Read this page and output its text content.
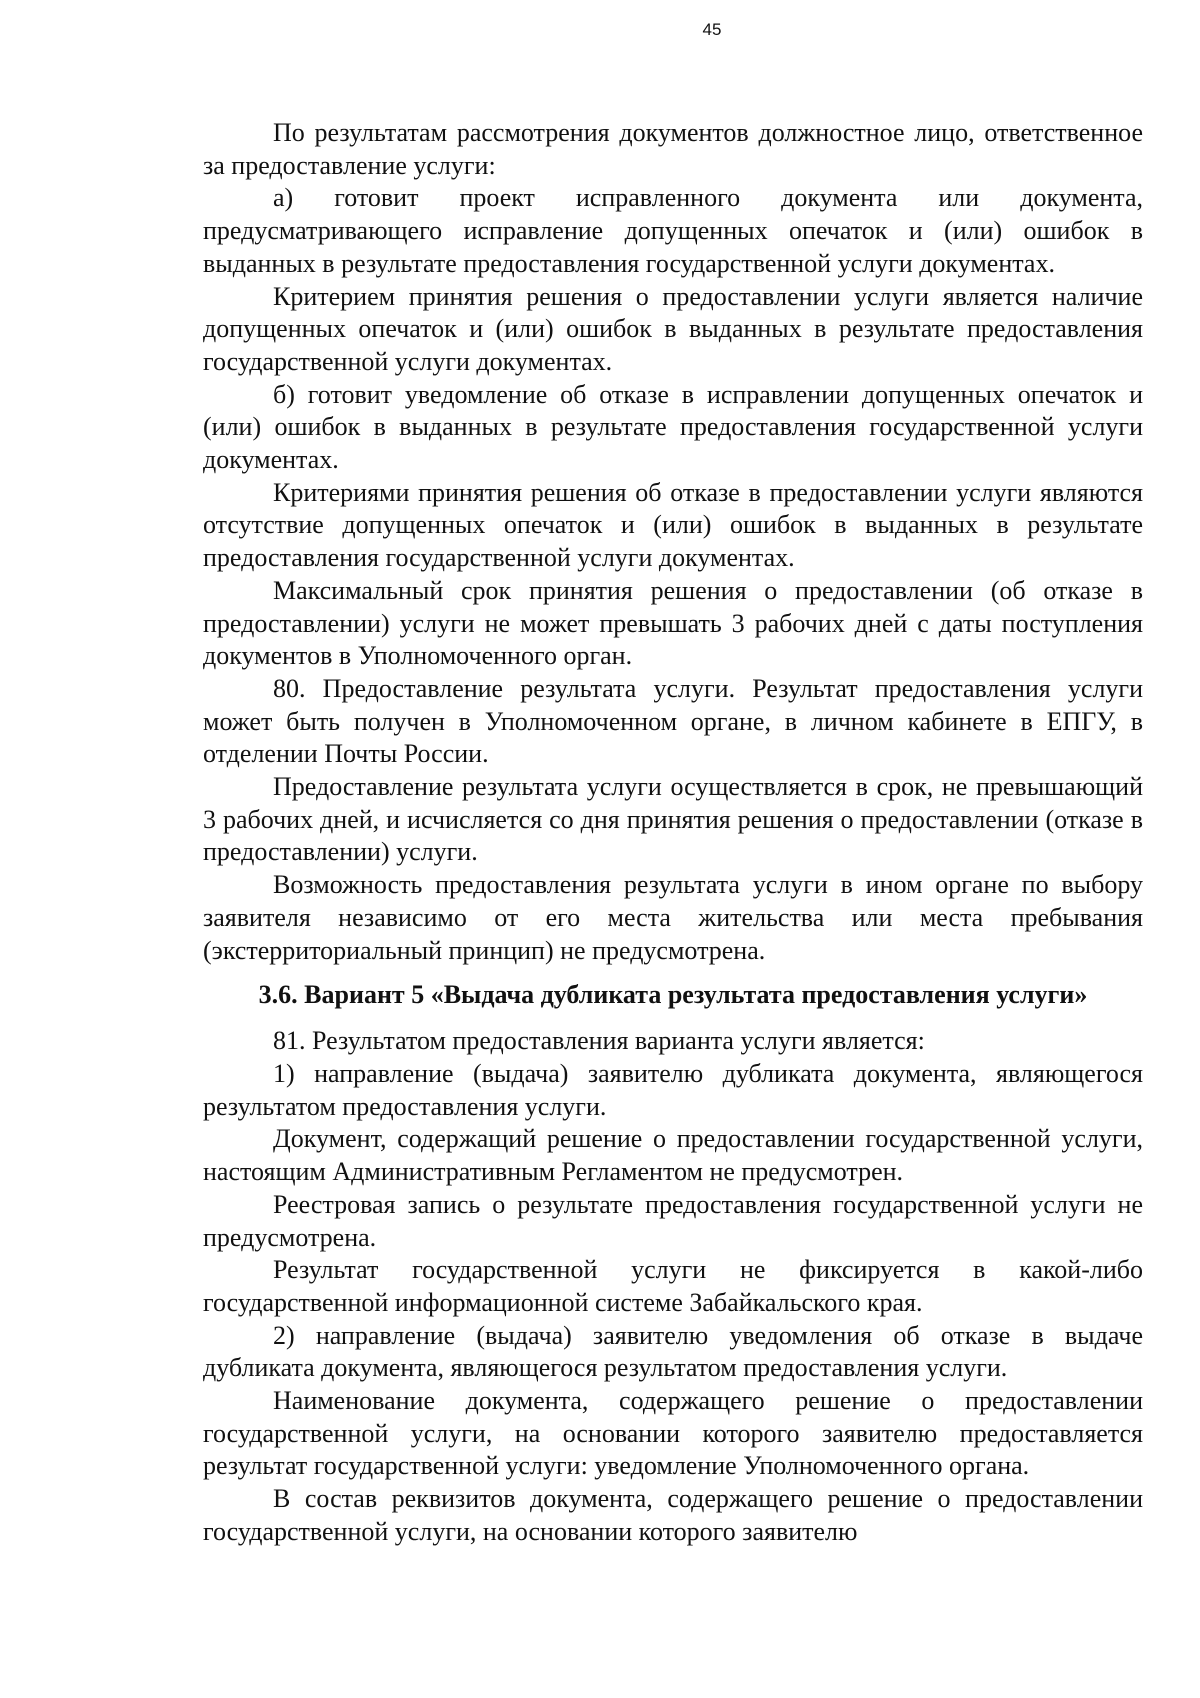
45

По результатам рассмотрения документов должностное лицо, ответственное за предоставление услуги:

а) готовит проект исправленного документа или документа, предусматривающего исправление допущенных опечаток и (или) ошибок в выданных в результате предоставления государственной услуги документах.

Критерием принятия решения о предоставлении услуги является наличие допущенных опечаток и (или) ошибок в выданных в результате предоставления государственной услуги документах.

б) готовит уведомление об отказе в исправлении допущенных опечаток и (или) ошибок в выданных в результате предоставления государственной услуги документах.

Критериями принятия решения об отказе в предоставлении услуги являются отсутствие допущенных опечаток и (или) ошибок в выданных в результате предоставления государственной услуги документах.

Максимальный срок принятия решения о предоставлении (об отказе в предоставлении) услуги не может превышать 3 рабочих дней с даты поступления документов в Уполномоченного орган.

80. Предоставление результата услуги. Результат предоставления услуги может быть получен в Уполномоченном органе, в личном кабинете в ЕПГУ, в отделении Почты России.

Предоставление результата услуги осуществляется в срок, не превышающий 3 рабочих дней, и исчисляется со дня принятия решения о предоставлении (отказе в предоставлении) услуги.

Возможность предоставления результата услуги в ином органе по выбору заявителя независимо от его места жительства или места пребывания (экстерриториальный принцип) не предусмотрена.

3.6. Вариант 5 «Выдача дубликата результата предоставления услуги»

81. Результатом предоставления варианта услуги является:

1) направление (выдача) заявителю дубликата документа, являющегося результатом предоставления услуги.

Документ, содержащий решение о предоставлении государственной услуги, настоящим Административным Регламентом не предусмотрен.

Реестровая запись о результате предоставления государственной услуги не предусмотрена.

Результат государственной услуги не фиксируется в какой-либо государственной информационной системе Забайкальского края.

2) направление (выдача) заявителю уведомления об отказе в выдаче дубликата документа, являющегося результатом предоставления услуги.

Наименование документа, содержащего решение о предоставлении государственной услуги, на основании которого заявителю предоставляется результат государственной услуги: уведомление Уполномоченного органа.

В состав реквизитов документа, содержащего решение о предоставлении государственной услуги, на основании которого заявителю
